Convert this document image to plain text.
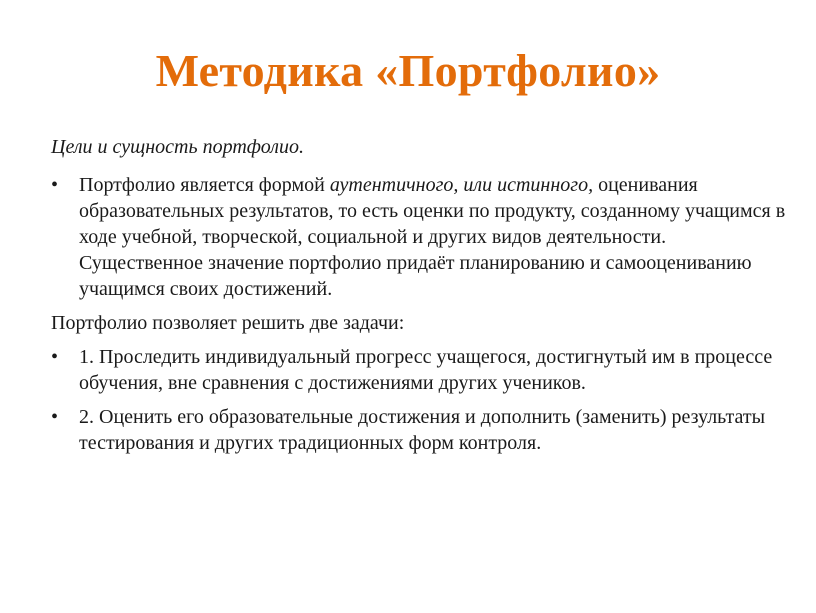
Методика «Портфолио»
Цели и сущность портфолио.
• Портфолио является формой аутентичного, или истинного, оценивания образовательных результатов, то есть оценки по продукту, созданному учащимся в ходе учебной, творческой, социальной и других видов деятельности. Существенное значение портфолио придаёт планированию и самооцениванию учащимся своих достижений.
Портфолио позволяет решить две задачи:
• 1. Проследить индивидуальный прогресс учащегося, достигнутый им в процессе обучения, вне сравнения с достижениями других учеников.
• 2. Оценить его образовательные достижения и дополнить (заменить) результаты тестирования и других традиционных форм контроля.
